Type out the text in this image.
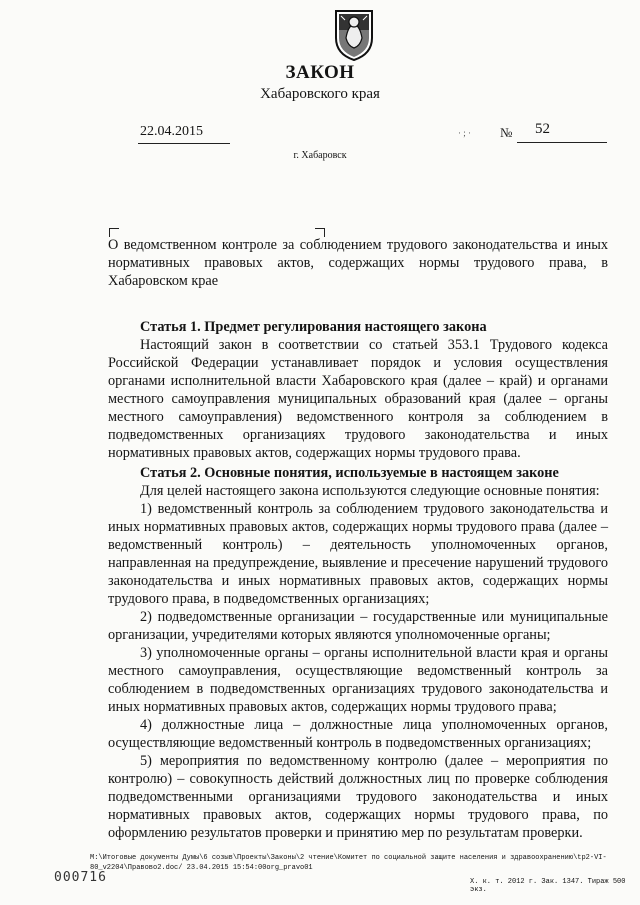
ЗАКОН
Хабаровского края
22.04.2015	· ; · № 52
г. Хабаровск
О ведомственном контроле за соблюдением трудового законодательства и иных нормативных правовых актов, содержащих нормы трудового права, в Хабаровском крае
Статья 1. Предмет регулирования настоящего закона

Настоящий закон в соответствии со статьей 353.1 Трудового кодекса Российской Федерации устанавливает порядок и условия осуществления органами исполнительной власти Хабаровского края (далее – край) и органами местного самоуправления муниципальных образований края (далее – органы местного самоуправления) ведомственного контроля за соблюдением в подведомственных организациях трудового законодательства и иных нормативных правовых актов, содержащих нормы трудового права.

Статья 2. Основные понятия, используемые в настоящем законе

Для целей настоящего закона используются следующие основные понятия:

1) ведомственный контроль за соблюдением трудового законодательства и иных нормативных правовых актов, содержащих нормы трудового права (далее – ведомственный контроль) – деятельность уполномоченных органов, направленная на предупреждение, выявление и пресечение нарушений трудового законодательства и иных нормативных правовых актов, содержащих нормы трудового права, в подведомственных организациях;

2) подведомственные организации – государственные или муниципальные организации, учредителями которых являются уполномоченные органы;

3) уполномоченные органы – органы исполнительной власти края и органы местного самоуправления, осуществляющие ведомственный контроль за соблюдением в подведомственных организациях трудового законодательства и иных нормативных правовых актов, содержащих нормы трудового права;

4) должностные лица – должностные лица уполномоченных органов, осуществляющие ведомственный контроль в подведомственных организациях;

5) мероприятия по ведомственному контролю (далее – мероприятия по контролю) – совокупность действий должностных лиц по проверке соблюдения подведомственными организациями трудового законодательства и иных нормативных правовых актов, содержащих нормы трудового права, по оформлению результатов проверки и принятию мер по результатам проверки.

M:\Итоговые документы Думы\6 созыв\Проекты\Законы\2 чтение\Комитет по социальной защите населения и здравоохранению\tp2-VI-
80_v2204\Правово2.doc/ 23.04.2015 15:54:00org_pravo01
000716	Х. к. т. 2012 г. Зак. 1347. Тираж 500 экз.
